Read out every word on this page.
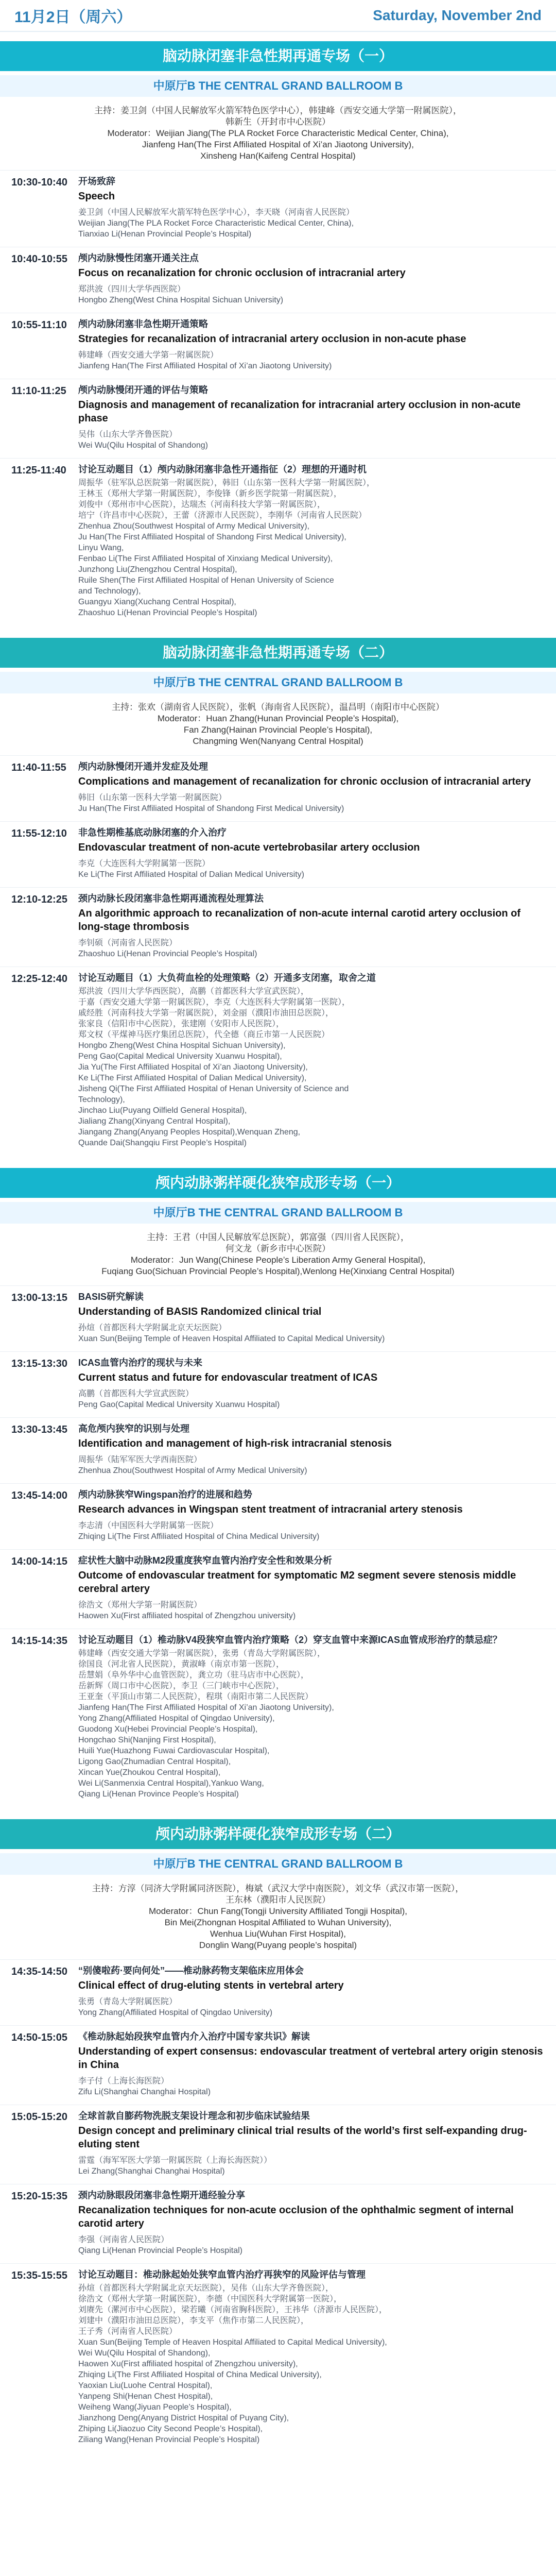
11月2日（周六）	Saturday, November 2nd
脑动脉闭塞非急性期再通专场（一）
中原厅B THE CENTRAL GRAND BALLROOM B
主持：姜卫剑（中国人民解放军火箭军特色医学中心），韩建峰（西安交通大学第一附属医院），
韩新生（开封市中心医院）
Moderator：Weijian Jiang(The PLA Rocket Force Characteristic Medical Center, China),
Jianfeng Han(The First Affiliated Hospital of Xi’an Jiaotong University),
Xinsheng Han(Kaifeng Central Hospital)
10:30-10:40	开场致辞
Speech
姜卫剑（中国人民解放军火箭军特色医学中心），李天晓（河南省人民医院）
Weijian Jiang(The PLA Rocket Force Characteristic Medical Center, China),
Tianxiao Li(Henan Provincial People’s Hospital)
10:40-10:55	颅内动脉慢性闭塞开通关注点
Focus on recanalization for chronic occlusion of intracranial artery
郑洪波（四川大学华西医院）
Hongbo Zheng(West China Hospital Sichuan University)
10:55-11:10	颅内动脉闭塞非急性期开通策略
Strategies for recanalization of intracranial artery occlusion in non-acute phase
韩建峰（西安交通大学第一附属医院）
Jianfeng Han(The First Affiliated Hospital of Xi’an Jiaotong University)
11:10-11:25	颅内动脉慢闭开通的评估与策略
Diagnosis and management of recanalization for intracranial artery occlusion in non-acute phase
吴伟（山东大学齐鲁医院）
Wei Wu(Qilu Hospital of Shandong)
11:25-11:40	讨论互动题目（1）颅内动脉闭塞非急性开通指征（2）理想的开通时机
周振华（驻军队总医院第一附属医院），韩旧（山东第一医科大学第一附属医院），
王林玉（郑州大学第一附属医院），李俊锋（新乡医学院第一附属医院），
刘俊中（郑州市中心医院），达瑞杰（河南科技大学第一附属医院），
培宁（许昌市中心医院），王蕾（济源市人民医院），李刚华（河南省人民医院）
Zhenhua Zhou(Southwest Hospital of Army Medical University),
Ju Han(The First Affiliated Hospital of Shandong First Medical University),
Linyu Wang,
Fenbao Li(The First Affiliated Hospital of Xinxiang Medical University),
Junzhong Liu(Zhengzhou Central Hospital),
Ruile Shen(The First Affiliated Hospital of Henan University of Science
and Technology),
Guangyu Xiang(Xuchang Central Hospital),
Zhaoshuo Li(Henan Provincial People’s Hospital)
脑动脉闭塞非急性期再通专场（二）
中原厅B THE CENTRAL GRAND BALLROOM B
主持：张欢（湖南省人民医院），张帆（海南省人民医院），温昌明（南阳市中心医院）
Moderator：Huan Zhang(Hunan Provincial People’s Hospital),
Fan Zhang(Hainan Provincial People’s Hospital),
Changming Wen(Nanyang Central Hospital)
11:40-11:55	颅内动脉慢闭开通并发症及处理
Complications and management of recanalization for chronic occlusion of intracranial artery
韩旧（山东第一医科大学第一附属医院）
Ju Han(The First Affiliated Hospital of Shandong First Medical University)
11:55-12:10	非急性期椎基底动脉闭塞的介入治疗
Endovascular treatment of non-acute vertebrobasilar artery occlusion
李克（大连医科大学附属第一医院）
Ke Li(The First Affiliated Hospital of Dalian Medical University)
12:10-12:25	颈内动脉长段闭塞非急性期再通流程处理算法
An algorithmic approach to recanalization of non-acute internal carotid artery occlusion of long-stage thrombosis
李钊硕（河南省人民医院）
Zhaoshuo Li(Henan Provincial People’s Hospital)
12:25-12:40	讨论互动题目（1）大负荷血栓的处理策略（2）开通多支闭塞，取舍之道
郑洪波（四川大学华西医院），高鹏（首都医科大学宣武医院），
于嘉（西安交通大学第一附属医院），李克（大连医科大学附属第一医院），
戚经胜（河南科技大学第一附属医院），刘金丽（濮阳市油田总医院），
张家良（信阳市中心医院），张建刚（安阳市人民医院），
郑文权（平煤神马医疗集团总医院），代全德（商丘市第一人民医院）
Hongbo Zheng(West China Hospital Sichuan University),
Peng Gao(Capital Medical University Xuanwu Hospital),
Jia Yu(The First Affiliated Hospital of Xi’an Jiaotong University),
Ke Li(The First Affiliated Hospital of Dalian Medical University),
Jisheng Qi(The First Affiliated Hospital of Henan University of Science and
Technology),
Jinchao Liu(Puyang Oilfield General Hospital),
Jialiang Zhang(Xinyang Central Hospital),
Jiangang Zhang(Anyang Peoples Hospital),Wenquan Zheng,
Quande Dai(Shangqiu First People’s Hospital)
颅内动脉粥样硬化狭窄成形专场（一）
中原厅B THE CENTRAL GRAND BALLROOM B
主持：王君（中国人民解放军总医院），郭富强（四川省人民医院），
何文龙（新乡市中心医院）
Moderator：Jun Wang(Chinese People’s Liberation Army General Hospital),
Fuqiang Guo(Sichuan Provincial People’s Hospital),Wenlong He(Xinxiang Central Hospital)
13:00-13:15	BASIS研究解读
Understanding of BASIS Randomized clinical trial
孙煊（首都医科大学附属北京天坛医院）
Xuan Sun(Beijing Temple of Heaven Hospital Affiliated to Capital Medical University)
13:15-13:30	ICAS血管内治疗的现状与未来
Current status and future for endovascular treatment of ICAS
高鹏（首都医科大学宣武医院）
Peng Gao(Capital Medical University Xuanwu Hospital)
13:30-13:45	高危颅内狭窄的识别与处理
Identification and management of high-risk intracranial stenosis
周振华（陆军军医大学西南医院）
Zhenhua Zhou(Southwest Hospital of Army Medical University)
13:45-14:00	颅内动脉狭窄Wingspan治疗的进展和趋势
Research advances in Wingspan stent treatment of intracranial artery stenosis
李志清（中国医科大学附属第一医院）
Zhiqing Li(The First Affiliated Hospital of China Medical University)
14:00-14:15	症状性大脑中动脉M2段重度狭窄血管内治疗安全性和效果分析
Outcome of endovascular treatment for symptomatic M2 segment severe stenosis middle cerebral artery
徐浩文（郑州大学第一附属医院）
Haowen Xu(First affiliated hospital of Zhengzhou university)
14:15-14:35	讨论互动题目（1）椎动脉V4段狭窄血管内治疗策略（2）穿支血管中来源ICAS血管成形治疗的禁忌症？
韩建峰（西安交通大学第一附属医院），张勇（青岛大学附属医院），
徐国良（河北省人民医院），黄淑峰（南京市第一医院），
岳慧娟（阜外华中心血管医院），龚立功（驻马店市中心医院），
岳新辉（周口市中心医院），李卫（三门峡市中心医院），
王亚奎（平顶山市第二人民医院），程琪（南阳市第二人民医院）
Jianfeng Han(The First Affiliated Hospital of Xi’an Jiaotong University),
Yong Zhang(Affiliated Hospital of Qingdao University),
Guodong Xu(Hebei Provincial People’s Hospital),
Hongchao Shi(Nanjing First Hospital),
Huili Yue(Huazhong Fuwai Cardiovascular Hospital),
Ligong Gao(Zhumadian Central Hospital),
Xincan Yue(Zhoukou Central Hospital),
Wei Li(Sanmenxia Central Hospital),Yankuo Wang,
Qiang Li(Henan Province People’s Hospital)
颅内动脉粥样硬化狭窄成形专场（二）
中原厅B THE CENTRAL GRAND BALLROOM B
主持：方淳（同济大学附属同济医院），梅斌（武汉大学中南医院），刘文华（武汉市第一医院），
王东林（濮阳市人民医院）
Moderator：Chun Fang(Tongji University Affiliated Tongji Hospital),
Bin Mei(Zhongnan Hospital Affiliated to Wuhan University),
Wenhua Liu(Wuhan First Hospital),
Donglin Wang(Puyang people’s hospital)
14:35-14:50	“别傻啦药·要向何处”——椎动脉药物支架临床应用体会
Clinical effect of drug-eluting stents in vertebral artery
张勇（青岛大学附属医院）
Yong Zhang(Affiliated Hospital of Qingdao University)
14:50-15:05	《椎动脉起始段狭窄血管内介入治疗中国专家共识》解读
Understanding of expert consensus: endovascular treatment of vertebral artery origin stenosis in China
李子付（上海长海医院）
Zifu Li(Shanghai Changhai Hospital)
15:05-15:20	全球首款自膨药物洗脱支架设计理念和初步临床试验结果
Design concept and preliminary clinical trial results of the world’s first self-expanding drug-eluting stent
雷霆（海军军医大学第一附属医院（上海长海医院））
Lei Zhang(Shanghai Changhai Hospital)
15:20-15:35	颈内动脉眼段闭塞非急性期开通经验分享
Recanalization techniques for non-acute occlusion of the ophthalmic segment of internal carotid artery
李强（河南省人民医院）
Qiang Li(Henan Provincial People’s Hospital)
15:35-15:55	讨论互动题目：椎动脉起始处狭窄血管内治疗再狭窄的风险评估与管理
孙煊（首都医科大学附属北京天坛医院），吴伟（山东大学齐鲁医院），
徐浩文（郑州大学第一附属医院），李德（中国医科大学附属第一医院），
刘赓先（漯河市中心医院），梁若曦（河南省胸科医院），王祎华（济源市人民医院），
刘建中（濮阳市油田总医院），李支平（焦作市第二人民医院），
王子秀（河南省人民医院）
Xuan Sun(Beijing Temple of Heaven Hospital Affiliated to Capital Medical University),
Wei Wu(Qilu Hospital of Shandong),
Haowen Xu(First affiliated hospital of Zhengzhou university),
Zhiqing Li(The First Affiliated Hospital of China Medical University),
Yaoxian Liu(Luohe Central Hospital),
Yanpeng Shi(Henan Chest Hospital),
Weiheng Wang(Jiyuan People’s Hospital),
Jianzhong Deng(Anyang District Hospital of Puyang City),
Zhiping Li(Jiaozuo City Second People’s Hospital),
Ziliang Wang(Henan Provincial People’s Hospital)
